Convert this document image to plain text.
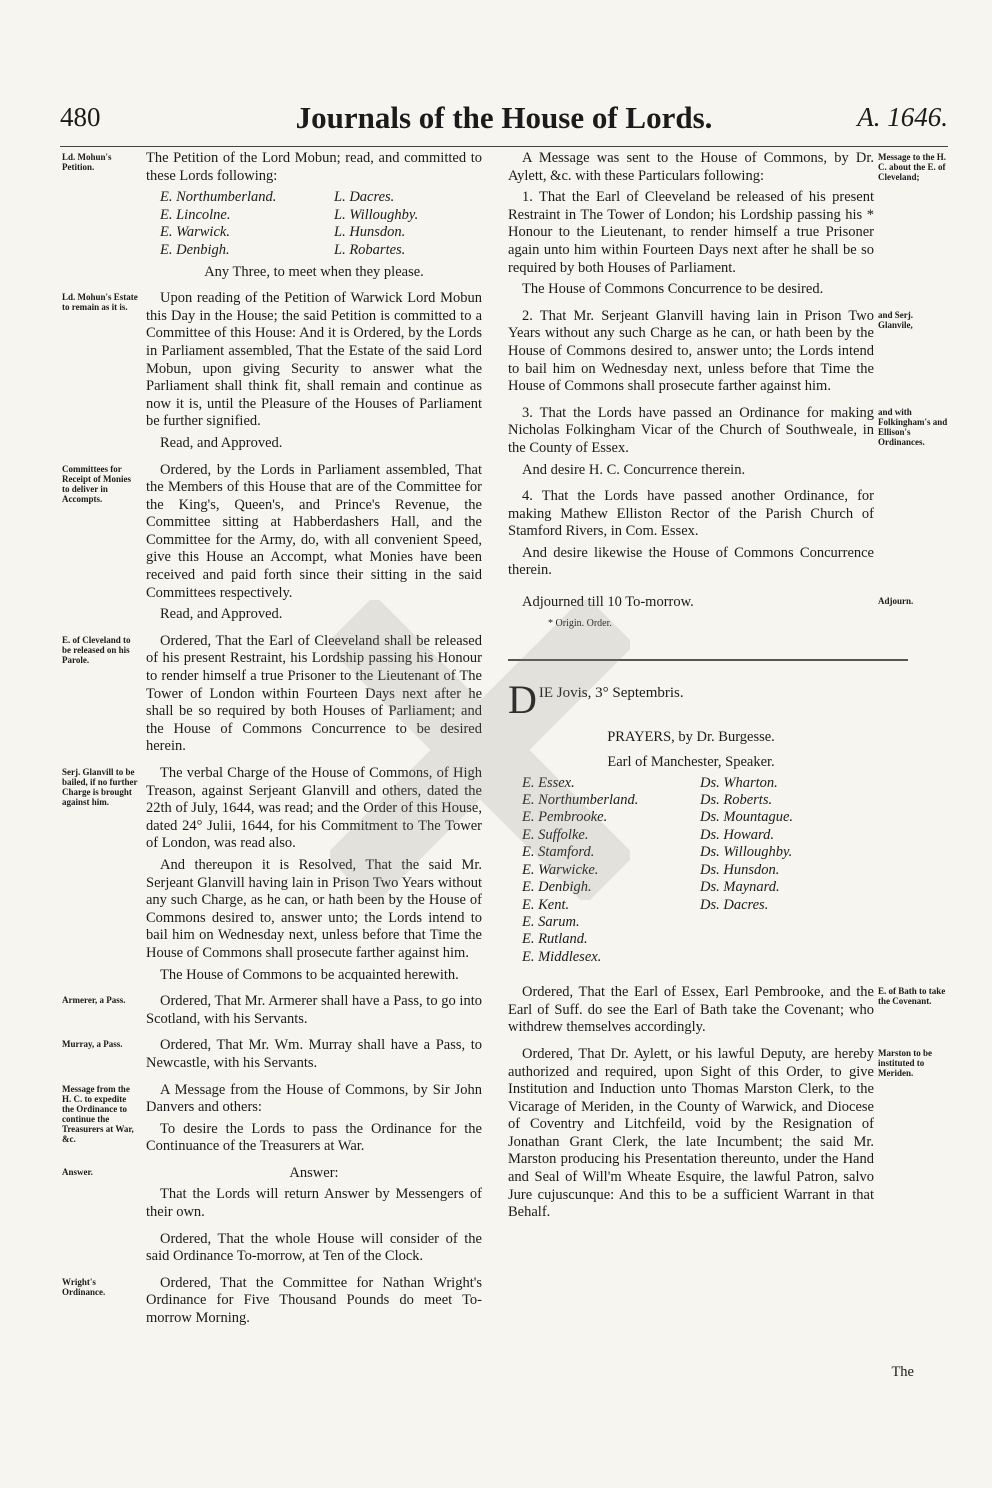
480	Journals of the House of Lords.	A. 1646.
Ld. Mohun's Petition.

The Petition of the Lord Mobun; read, and committed to these Lords following:

E. Northumberland.	L. Dacres.
E. Lincolne.	L. Willoughby.
E. Warwick.	L. Hunsdon.
E. Denbigh.	L. Robartes.

Any Three, to meet when they please.

Ld. Mohun's Estate to remain as it is.

Upon reading of the Petition of Warwick Lord Mobun this Day in the House; the said Petition is committed to a Committee of this House: And it is Ordered, by the Lords in Parliament assembled, That the Estate of the said Lord Mobun, upon giving Security to answer what the Parliament shall think fit, shall remain and continue as now it is, until the Pleasure of the Houses of Parliament be further signified.

Read, and Approved.

Committees for Receipt of Monies to deliver in Accompts.

Ordered, by the Lords in Parliament assembled, That the Members of this House that are of the Committee for the King's, Queen's, and Prince's Revenue, the Committee sitting at Habberdashers Hall, and the Committee for the Army, do, with all convenient Speed, give this House an Accompt, what Monies have been received and paid forth since their sitting in the said Committees respectively.

Read, and Approved.

E. of Cleveland to be released on his Parole.

Ordered, That the Earl of Cleeveland shall be released of his present Restraint, his Lordship passing his Honour to render himself a true Prisoner to the Lieutenant of The Tower of London within Fourteen Days next after he shall be so required by both Houses of Parliament; and the House of Commons Concurrence to be desired herein.

Serj. Glanvill to be bailed, if no further Charge is brought against him.

The verbal Charge of the House of Commons, of High Treason, against Serjeant Glanvill and others, dated the 22th of July, 1644, was read; and the Order of this House, dated 24° Julii, 1644, for his Commitment to The Tower of London, was read also.

And thereupon it is Resolved, That the said Mr. Serjeant Glanvill having lain in Prison Two Years without any such Charge, as he can, or hath been by the House of Commons desired to, answer unto; the Lords intend to bail him on Wednesday next, unless before that Time the House of Commons shall prosecute farther against him.

The House of Commons to be acquainted herewith.

Armerer, a Pass.	Ordered, That Mr. Armerer shall have a Pass, to go into Scotland, with his Servants.

Murray, a Pass.	Ordered, That Mr. Wm. Murray shall have a Pass, to Newcastle, with his Servants.

Message from the H. C. to expedite the Ordinance to continue the Treasurers at War, &c.

A Message from the House of Commons, by Sir John Danvers and others:

To desire the Lords to pass the Ordinance for the Continuance of the Treasurers at War.

Answer.	Answer:

That the Lords will return Answer by Messengers of their own.

Ordered, That the whole House will consider of the said Ordinance To-morrow, at Ten of the Clock.

Wright's Ordinance.

Ordered, That the Committee for Nathan Wright's Ordinance for Five Thousand Pounds do meet To-morrow Morning.

Message to the H. C. about the E. of Cleveland;

A Message was sent to the House of Commons, by Dr. Aylett, &c. with these Particulars following:

1. That the Earl of Cleeveland be released of his present Restraint in The Tower of London; his Lordship passing his * Honour to the Lieutenant, to render himself a true Prisoner again unto him within Fourteen Days next after he shall be so required by both Houses of Parliament.

The House of Commons Concurrence to be desired.

and Serj. Glanvile,

2. That Mr. Serjeant Glanvill having lain in Prison Two Years without any such Charge as he can, or hath been by the House of Commons desired to, answer unto; the Lords intend to bail him on Wednesday next, unless before that Time the House of Commons shall prosecute farther against him.

and with Folkingham's and Ellison's Ordinances.

3. That the Lords have passed an Ordinance for making Nicholas Folkingham Vicar of the Church of Southweale, in the County of Essex.

And desire H. C. Concurrence therein.

4. That the Lords have passed another Ordinance, for making Mathew Elliston Rector of the Parish Church of Stamford Rivers, in Com. Essex.

And desire likewise the House of Commons Concurrence therein.

Adjourn.

Adjourned till 10 To-morrow.

* Origin. Order.
DIE Jovis, 3° Septembris.
PRAYERS, by Dr. Burgesse.
Earl of Manchester, Speaker.
E. Essex.	Ds. Wharton.
E. Northumberland.	Ds. Roberts.
E. Pembrooke.	Ds. Mountague.
E. Suffolke.	Ds. Howard.
E. Stamford.	Ds. Willoughby.
E. Warwicke.	Ds. Hunsdon.
E. Denbigh.	Ds. Maynard.
E. Kent.	Ds. Dacres.
E. Sarum.
E. Rutland.
E. Middlesex.
E. of Bath to take the Covenant.

Ordered, That the Earl of Essex, Earl Pembrooke, and the Earl of Suff. do see the Earl of Bath take the Covenant; who withdrew themselves accordingly.

Marston to be instituted to Meriden.

Ordered, That Dr. Aylett, or his lawful Deputy, are hereby authorized and required, upon Sight of this Order, to give Institution and Induction unto Thomas Marston Clerk, to the Vicarage of Meriden, in the County of Warwick, and Diocese of Coventry and Litchfeild, void by the Resignation of Jonathan Grant Clerk, the late Incumbent; the said Mr. Marston producing his Presentation thereunto, under the Hand and Seal of Will'm Wheate Esquire, the lawful Patron, salvo Jure cujuscunque: And this to be a sufficient Warrant in that Behalf.

The
